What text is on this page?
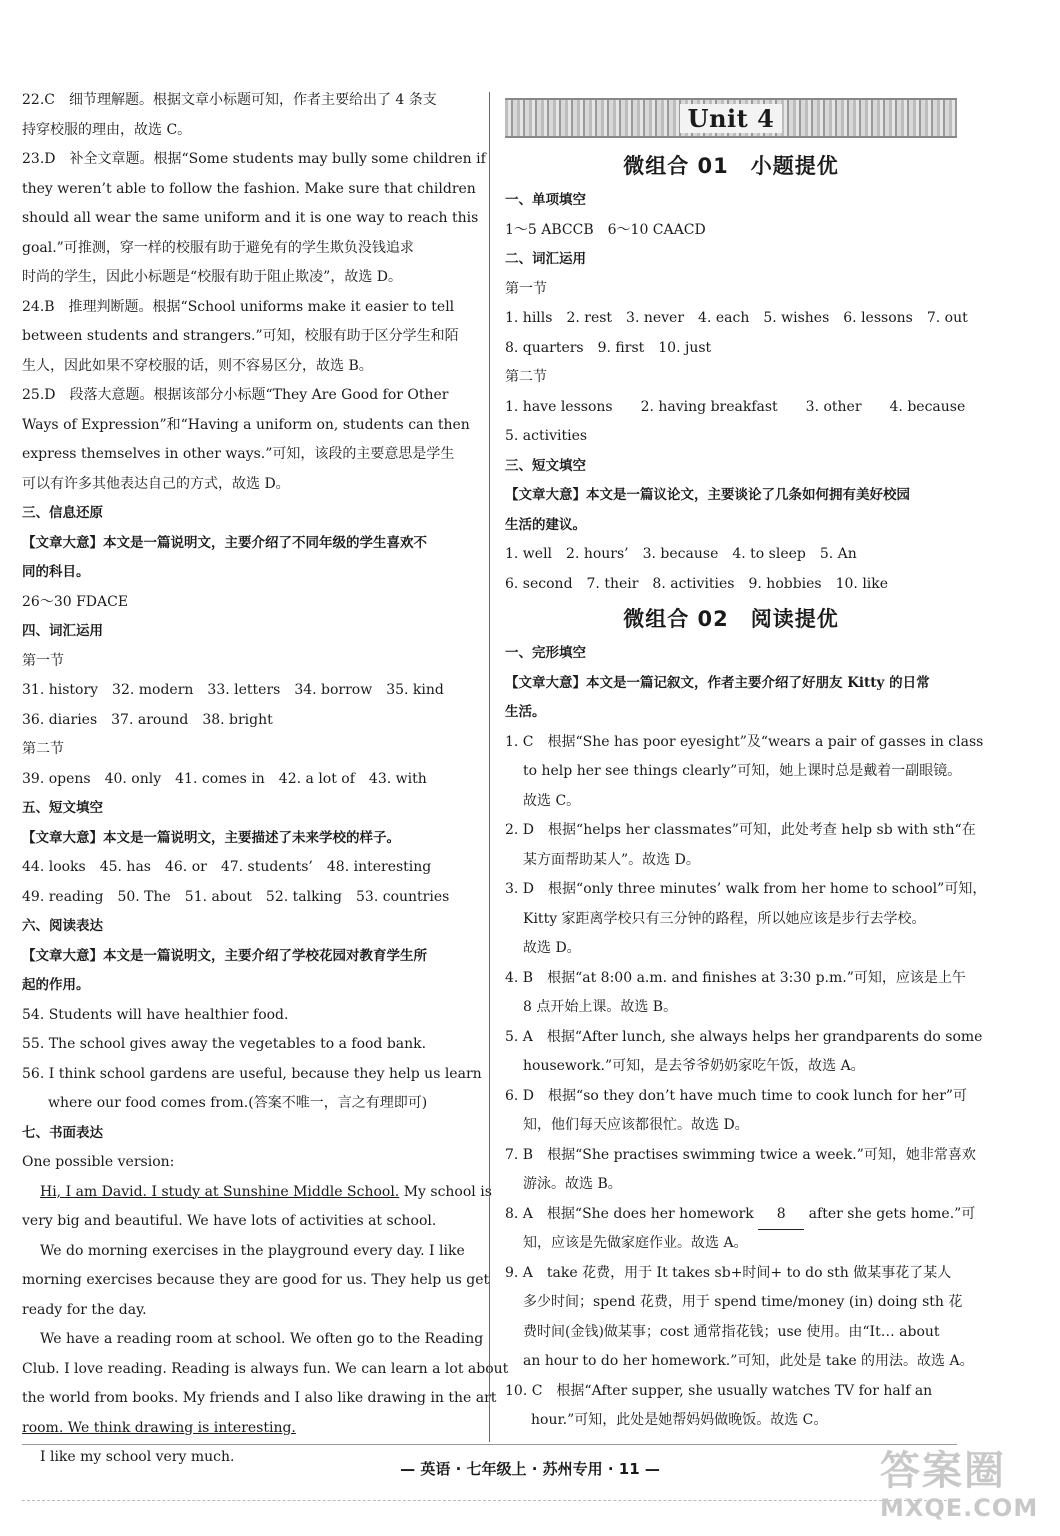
22.C　细节理解题。根据文章小标题可知，作者主要给出了 4 条支
持穿校服的理由，故选 C。
23.D　补全文章题。根据“Some students may bully some children if
they weren’t able to follow the fashion. Make sure that children
should all wear the same uniform and it is one way to reach this
goal.”可推测，穿一样的校服有助于避免有的学生欺负没钱追求
时尚的学生，因此小标题是“校服有助于阻止欺凌”，故选 D。
24.B　推理判断题。根据“School uniforms make it easier to tell
between students and strangers.”可知，校服有助于区分学生和陌
生人，因此如果不穿校服的话，则不容易区分，故选 B。
25.D　段落大意题。根据该部分小标题“They Are Good for Other
Ways of Expression”和“Having a uniform on, students can then
express themselves in other ways.”可知，该段的主要意思是学生
可以有许多其他表达自己的方式，故选 D。
三、信息还原
【文章大意】本文是一篇说明文，主要介绍了不同年级的学生喜欢不
同的科目。
26～30 FDACE
四、词汇运用
第一节
31. history　32. modern　33. letters　34. borrow　35. kind
36. diaries　37. around　38. bright
第二节
39. opens　40. only　41. comes in　42. a lot of　43. with
五、短文填空
【文章大意】本文是一篇说明文，主要描述了未来学校的样子。
44. looks　45. has　46. or　47. students’　48. interesting
49. reading　50. The　51. about　52. talking　53. countries
六、阅读表达
【文章大意】本文是一篇说明文，主要介绍了学校花园对教育学生所
起的作用。
54. Students will have healthier food.
55. The school gives away the vegetables to a food bank.
56. I think school gardens are useful, because they help us learn
where our food comes from.(答案不唯一，言之有理即可)
七、书面表达
One possible version:
Hi, I am David. I study at Sunshine Middle School. My school is
very big and beautiful. We have lots of activities at school.
We do morning exercises in the playground every day. I like
morning exercises because they are good for us. They help us get
ready for the day.
We have a reading room at school. We often go to the Reading
Club. I love reading. Reading is always fun. We can learn a lot about
the world from books. My friends and I also like drawing in the art
room. We think drawing is interesting.
I like my school very much.
Unit 4
微组合 01　小题提优
一、单项填空
1～5 ABCCB　6～10 CAACD
二、词汇运用
第一节
1. hills　2. rest　3. never　4. each　5. wishes　6. lessons　7. out
8. quarters　9. first　10. just
第二节
1. have lessons　　2. having breakfast　　3. other　　4. because
5. activities
三、短文填空
【文章大意】本文是一篇议论文，主要谈论了几条如何拥有美好校园
生活的建议。
1. well　2. hours’　3. because　4. to sleep　5. An
6. second　7. their　8. activities　9. hobbies　10. like
微组合 02　阅读提优
一、完形填空
【文章大意】本文是一篇记叙文，作者主要介绍了好朋友 Kitty 的日常
生活。
1. C　根据“She has poor eyesight”及“wears a pair of gasses in class
to help her see things clearly”可知，她上课时总是戴着一副眼镜。
故选 C。
2. D　根据“helps her classmates”可知，此处考查 help sb with sth“在
某方面帮助某人”。故选 D。
3. D　根据“only three minutes’ walk from her home to school”可知，
Kitty 家距离学校只有三分钟的路程，所以她应该是步行去学校。
故选 D。
4. B　根据“at 8:00 a.m. and finishes at 3:30 p.m.”可知，应该是上午
8 点开始上课。故选 B。
5. A　根据“After lunch, she always helps her grandparents do some
housework.”可知，是去爷爷奶奶家吃午饭，故选 A。
6. D　根据“so they don’t have much time to cook lunch for her”可
知，他们每天应该都很忙。故选 D。
7. B　根据“She practises swimming twice a week.”可知，她非常喜欢
游泳。故选 B。
8. A　根据“She does her homework 8 after she gets home.”可
知，应该是先做家庭作业。故选 A。
9. A　take 花费，用于 It takes sb+时间+ to do sth 做某事花了某人
多少时间；spend 花费，用于 spend time/money (in) doing sth 花
费时间(金钱)做某事；cost 通常指花钱；use 使用。由“It… about
an hour to do her homework.”可知，此处是 take 的用法。故选 A。
10. C　根据“After supper, she usually watches TV for half an
hour.”可知，此处是她帮妈妈做晚饭。故选 C。
— 英语 · 七年级上 · 苏州专用 · 11 —	答案圈
MXQE.COM
